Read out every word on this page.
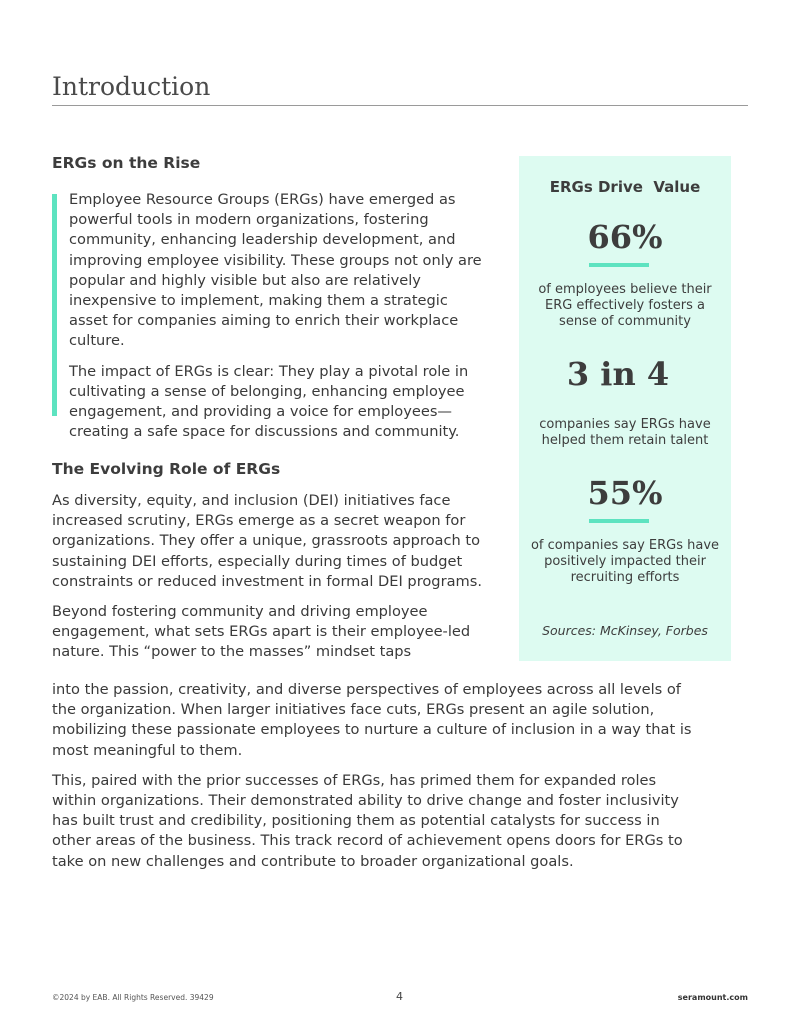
Introduction
ERGs on the Rise

Employee Resource Groups (ERGs) have emerged as powerful tools in modern organizations, fostering community, enhancing leadership development, and improving employee visibility. These groups not only are popular and highly visible but also are relatively inexpensive to implement, making them a strategic asset for companies aiming to enrich their workplace culture.

The impact of ERGs is clear: They play a pivotal role in cultivating a sense of belonging, enhancing employee engagement, and providing a voice for employees—creating a safe space for discussions and community.

The Evolving Role of ERGs

As diversity, equity, and inclusion (DEI) initiatives face increased scrutiny, ERGs emerge as a secret weapon for organizations. They offer a unique, grassroots approach to sustaining DEI efforts, especially during times of budget constraints or reduced investment in formal DEI programs.

Beyond fostering community and driving employee engagement, what sets ERGs apart is their employee-led nature. This “power to the masses” mindset taps

into the passion, creativity, and diverse perspectives of employees across all levels of the organization. When larger initiatives face cuts, ERGs present an agile solution, mobilizing these passionate employees to nurture a culture of inclusion in a way that is most meaningful to them.

This, paired with the prior successes of ERGs, has primed them for expanded roles within organizations. Their demonstrated ability to drive change and foster inclusivity has built trust and credibility, positioning them as potential catalysts for success in other areas of the business. This track record of achievement opens doors for ERGs to take on new challenges and contribute to broader organizational goals.

ERGs Drive  Value
66%
of employees believe their ERG effectively fosters a sense of community
3 in 4
companies say ERGs have helped them retain talent
55%
of companies say ERGs have positively impacted their recruiting efforts
Sources: McKinsey, Forbes
©2024 by EAB. All Rights Reserved. 39429	4	seramount.com
